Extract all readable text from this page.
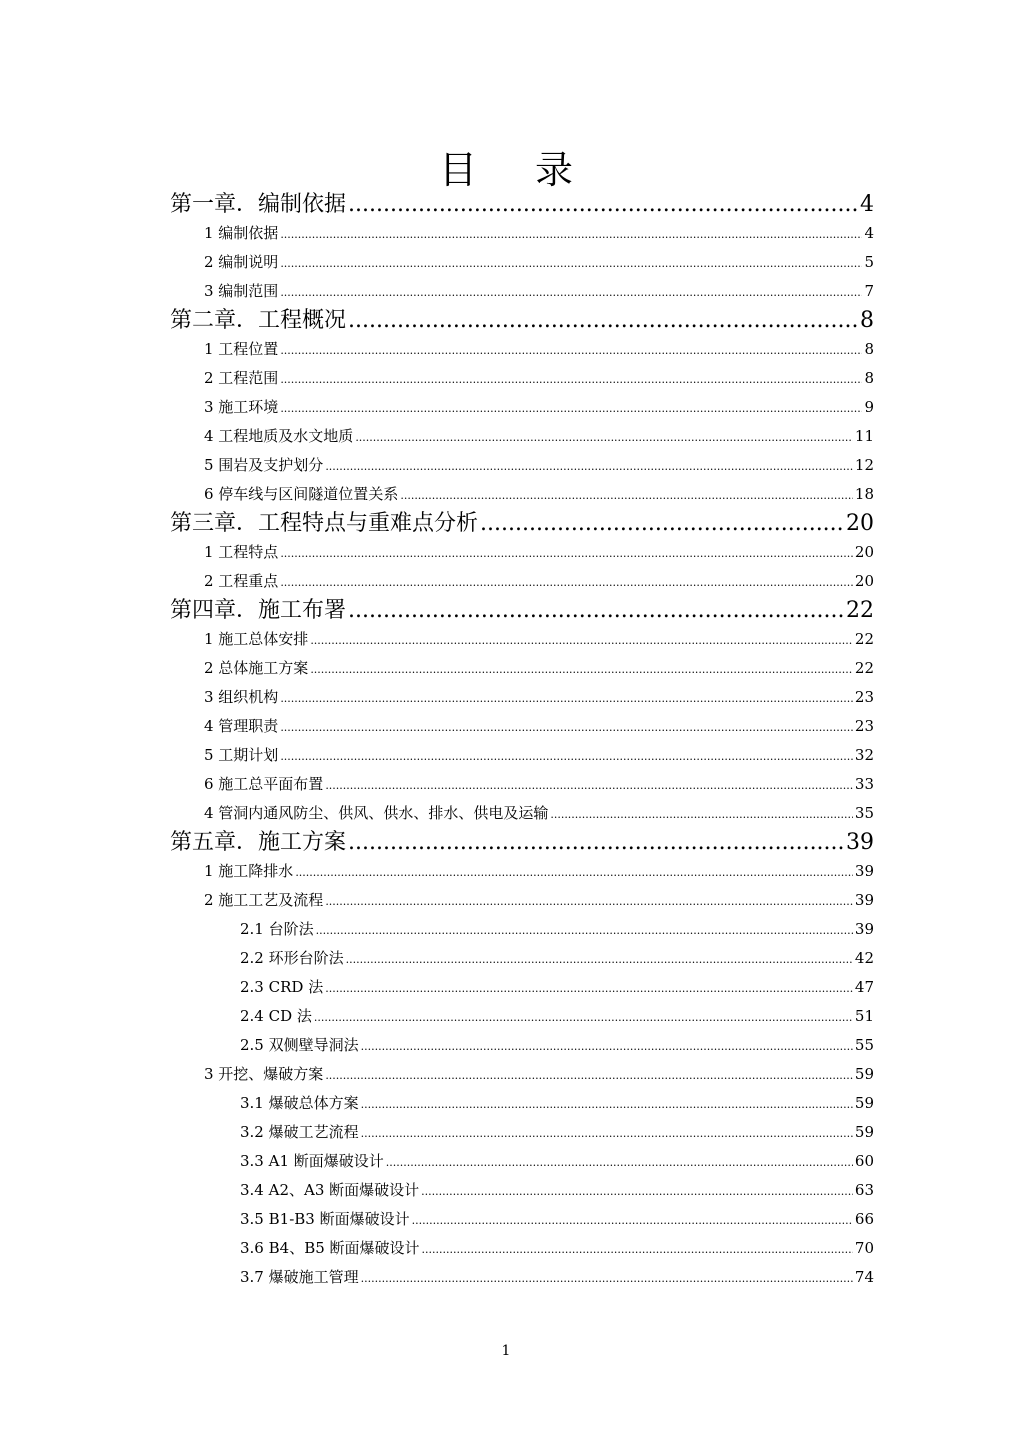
目 录
第一章．编制依据 .....	4
1 编制依据 .....	4
2 编制说明 .....	5
3 编制范围 .....	7
第二章．工程概况 .....	8
1 工程位置 .....	8
2 工程范围 .....	8
3 施工环境 .....	9
4 工程地质及水文地质 .....	11
5 围岩及支护划分 .....	12
6 停车线与区间隧道位置关系 .....	18
第三章．工程特点与重难点分析 .....	20
1 工程特点 .....	20
2 工程重点 .....	20
第四章．施工布署 .....	22
1 施工总体安排 .....	22
2 总体施工方案 .....	22
3 组织机构 .....	23
4 管理职责 .....	23
5 工期计划 .....	32
6 施工总平面布置 .....	33
4 管洞内通风防尘、供风、供水、排水、供电及运输 .....	35
第五章．施工方案 .....	39
1 施工降排水 .....	39
2 施工工艺及流程 .....	39
2.1 台阶法 .....	39
2.2 环形台阶法 .....	42
2.3 CRD 法 .....	47
2.4 CD 法 .....	51
2.5 双侧壁导洞法 .....	55
3 开挖、爆破方案 .....	59
3.1 爆破总体方案 .....	59
3.2 爆破工艺流程 .....	59
3.3 A1 断面爆破设计 .....	60
3.4 A2、A3 断面爆破设计 .....	63
3.5 B1-B3 断面爆破设计 .....	66
3.6 B4、B5 断面爆破设计 .....	70
3.7 爆破施工管理 .....	74
1
